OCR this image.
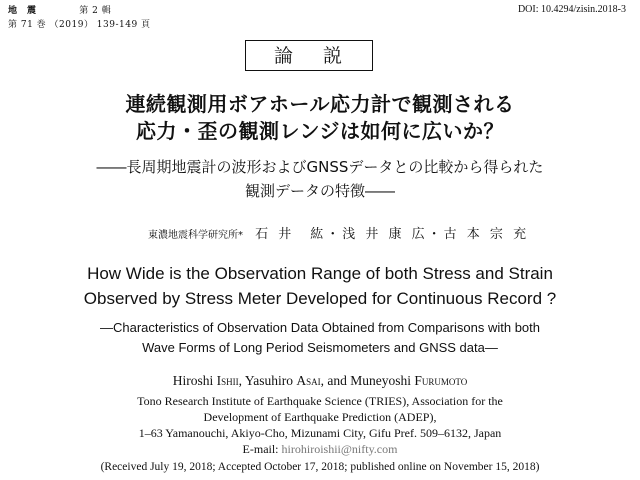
地　震	第 2 輯
第 71 巻 （2019） 139-149 頁
DOI: 10.4294/zisin.2018-3
論説
連続観測用ボアホール応力計で観測される
応力・歪の観測レンジは如何に広いか？
――長周期地震計の波形およびGNSSデータとの比較から得られた
観測データの特徴――
東濃地震科学研究所* 石 井　紘・浅 井 康 広・古 本 宗 充
How Wide is the Observation Range of both Stress and Strain
Observed by Stress Meter Developed for Continuous Record ?
―Characteristics of Observation Data Obtained from Comparisons with both
Wave Forms of Long Period Seismometers and GNSS data―
Hiroshi Ishii, Yasuhiro Asai, and Muneyoshi Furumoto
Tono Research Institute of Earthquake Science (TRIES), Association for the
Development of Earthquake Prediction (ADEP),
1–63 Yamanouchi, Akiyo-Cho, Mizunami City, Gifu Pref. 509–6132, Japan
E-mail: hirohiroishii@nifty.com
(Received July 19, 2018; Accepted October 17, 2018; published online on November 15, 2018)
